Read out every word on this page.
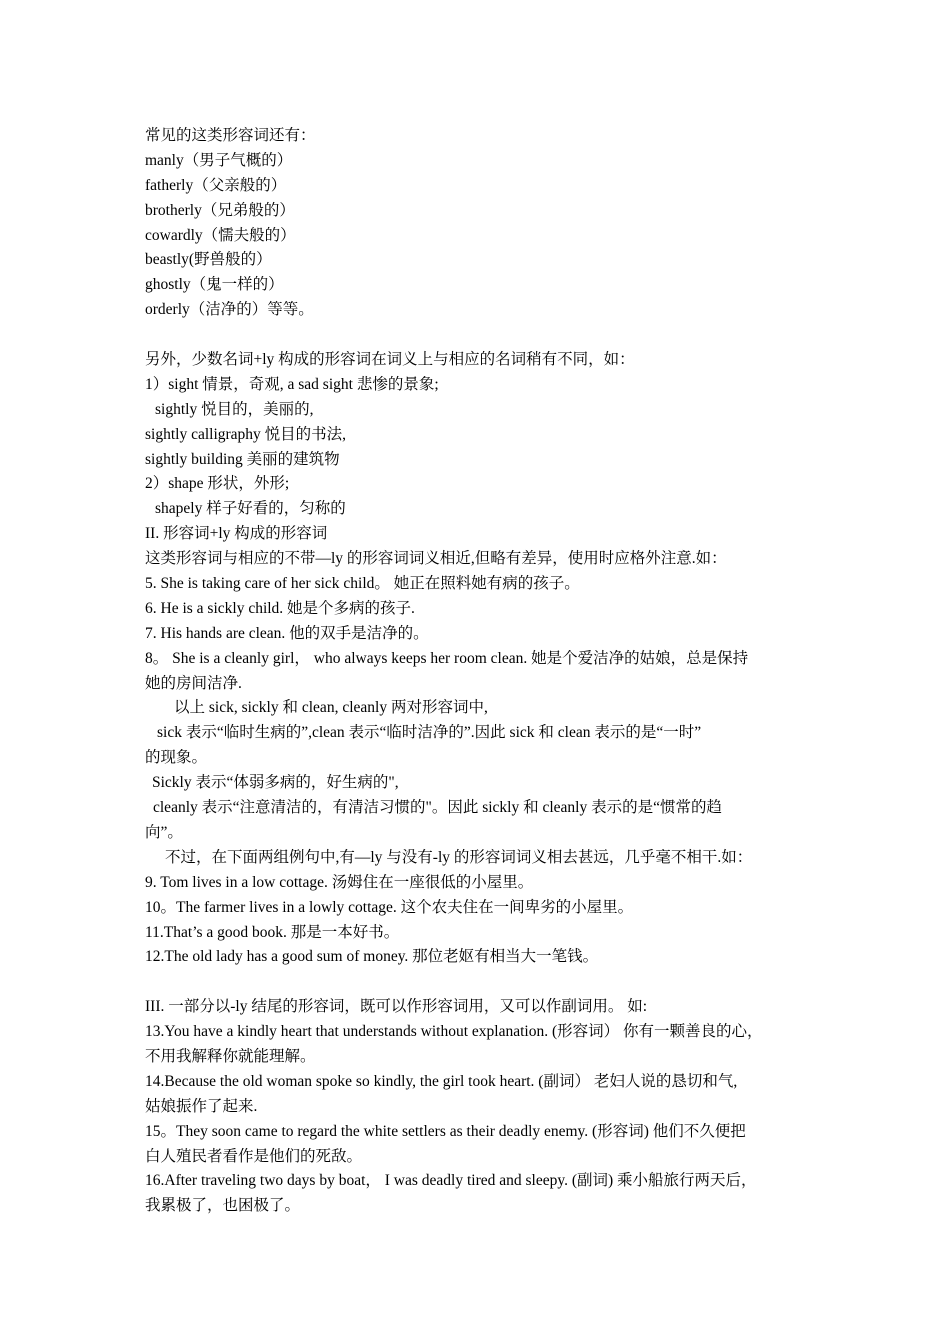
常见的这类形容词还有：
manly（男子气概的）
fatherly（父亲般的）
brotherly（兄弟般的）
cowardly（懦夫般的）
beastly(野兽般的）
ghostly（鬼一样的）
orderly（洁净的）等等。
另外，少数名词+ly 构成的形容词在词义上与相应的名词稍有不同，如：
1）sight 情景，奇观, a sad sight 悲惨的景象;
sightly 悦目的，美丽的,
sightly calligraphy 悦目的书法,
sightly building 美丽的建筑物
2）shape 形状，外形;
shapely 样子好看的，匀称的
II. 形容词+ly 构成的形容词
这类形容词与相应的不带—ly 的形容词词义相近,但略有差异，使用时应格外注意.如：
5. She is taking care of her sick child。 她正在照料她有病的孩子。
6. He is a sickly child. 她是个多病的孩子.
7. His hands are clean. 他的双手是洁净的。
8。 She is a cleanly girl， who always keeps her room clean. 她是个爱洁净的姑娘，总是保持
她的房间洁净.
以上 sick, sickly 和 clean, cleanly 两对形容词中,
sick 表示“临时生病的”,clean 表示“临时洁净的”.因此 sick 和 clean 表示的是“一时”
的现象。
Sickly 表示“体弱多病的，好生病的",
cleanly 表示“注意清洁的，有清洁习惯的"。因此 sickly 和 cleanly 表示的是“惯常的趋
向”。
不过，在下面两组例句中,有—ly 与没有-ly 的形容词词义相去甚远，几乎毫不相干.如：
9. Tom lives in a low cottage. 汤姆住在一座很低的小屋里。
10。The farmer lives in a lowly cottage. 这个农夫住在一间卑劣的小屋里。
11.That’s a good book. 那是一本好书。
12.The old lady has a good sum of money. 那位老妪有相当大一笔钱。
III. 一部分以-ly 结尾的形容词，既可以作形容词用，又可以作副词用。 如:
13.You have a kindly heart that understands without explanation. (形容词） 你有一颗善良的心，
不用我解释你就能理解。
14.Because the old woman spoke so kindly, the girl took heart. (副词） 老妇人说的恳切和气,
姑娘振作了起来.
15。They soon came to regard the white settlers as their deadly enemy. (形容词) 他们不久便把
白人殖民者看作是他们的死敌。
16.After traveling two days by boat， I was deadly tired and sleepy. (副词) 乘小船旅行两天后，
我累极了，也困极了。
